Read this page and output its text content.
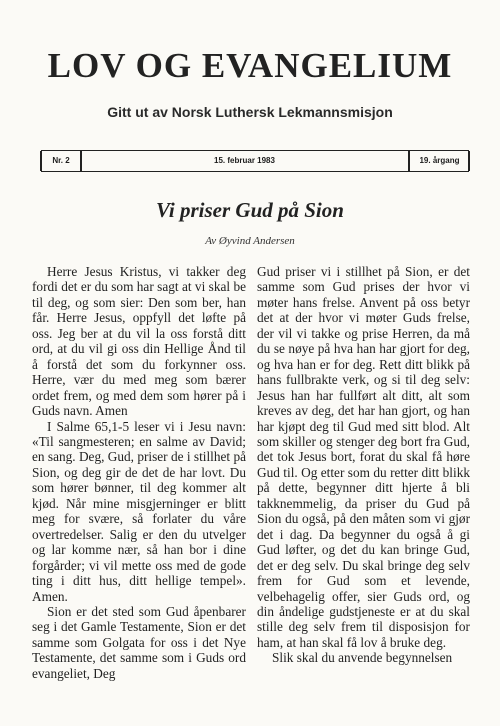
LOV OG EVANGELIUM
Gitt ut av Norsk Luthersk Lekmannsmisjon
Nr. 2	15. februar 1983	19. årgang
Vi priser Gud på Sion
Av Øyvind Andersen

Herre Jesus Kristus, vi takker deg fordi det er du som har sagt at vi skal be til deg, og som sier: Den som ber, han får. Herre Jesus, oppfyll det løfte på oss. Jeg ber at du vil la oss forstå ditt ord, at du vil gi oss din Hellige Ånd til å forstå det som du forkynner oss. Herre, vær du med meg som bærer ordet frem, og med dem som hører på i Guds navn. Amen

I Salme 65,1-5 leser vi i Jesu navn: «Til sangmesteren; en salme av David; en sang. Deg, Gud, priser de i stillhet på Sion, og deg gir de det de har lovt. Du som hører bønner, til deg kommer alt kjød. Når mine misgjerninger er blitt meg for svære, så forlater du våre overtredelser. Salig er den du utvelger og lar komme nær, så han bor i dine forgårder; vi vil mette oss med de gode ting i ditt hus, ditt hellige tempel». Amen.

Sion er det sted som Gud åpenbarer seg i det Gamle Testamente, Sion er det samme som Golgata for oss i det Nye Testamente, det samme som i Guds ord evangeliet, Deg

Gud priser vi i stillhet på Sion, er det samme som Gud prises der hvor vi møter hans frelse. Anvent på oss betyr det at der hvor vi møter Guds frelse, der vil vi takke og prise Herren, da må du se nøye på hva han har gjort for deg, og hva han er for deg. Rett ditt blikk på hans fullbrakte verk, og si til deg selv: Jesus han har fullført alt ditt, alt som kreves av deg, det har han gjort, og han har kjøpt deg til Gud med sitt blod. Alt som skiller og stenger deg bort fra Gud, det tok Jesus bort, forat du skal få høre Gud til. Og etter som du retter ditt blikk på dette, begynner ditt hjerte å bli takknemmelig, da priser du Gud på Sion du også, på den måten som vi gjør det i dag. Da begynner du også å gi Gud løfter, og det du kan bringe Gud, det er deg selv. Du skal bringe deg selv frem for Gud som et levende, velbehagelig offer, sier Guds ord, og din åndelige gudstjeneste er at du skal stille deg selv frem til disposisjon for ham, at han skal få lov å bruke deg.

Slik skal du anvende begynnelsen
